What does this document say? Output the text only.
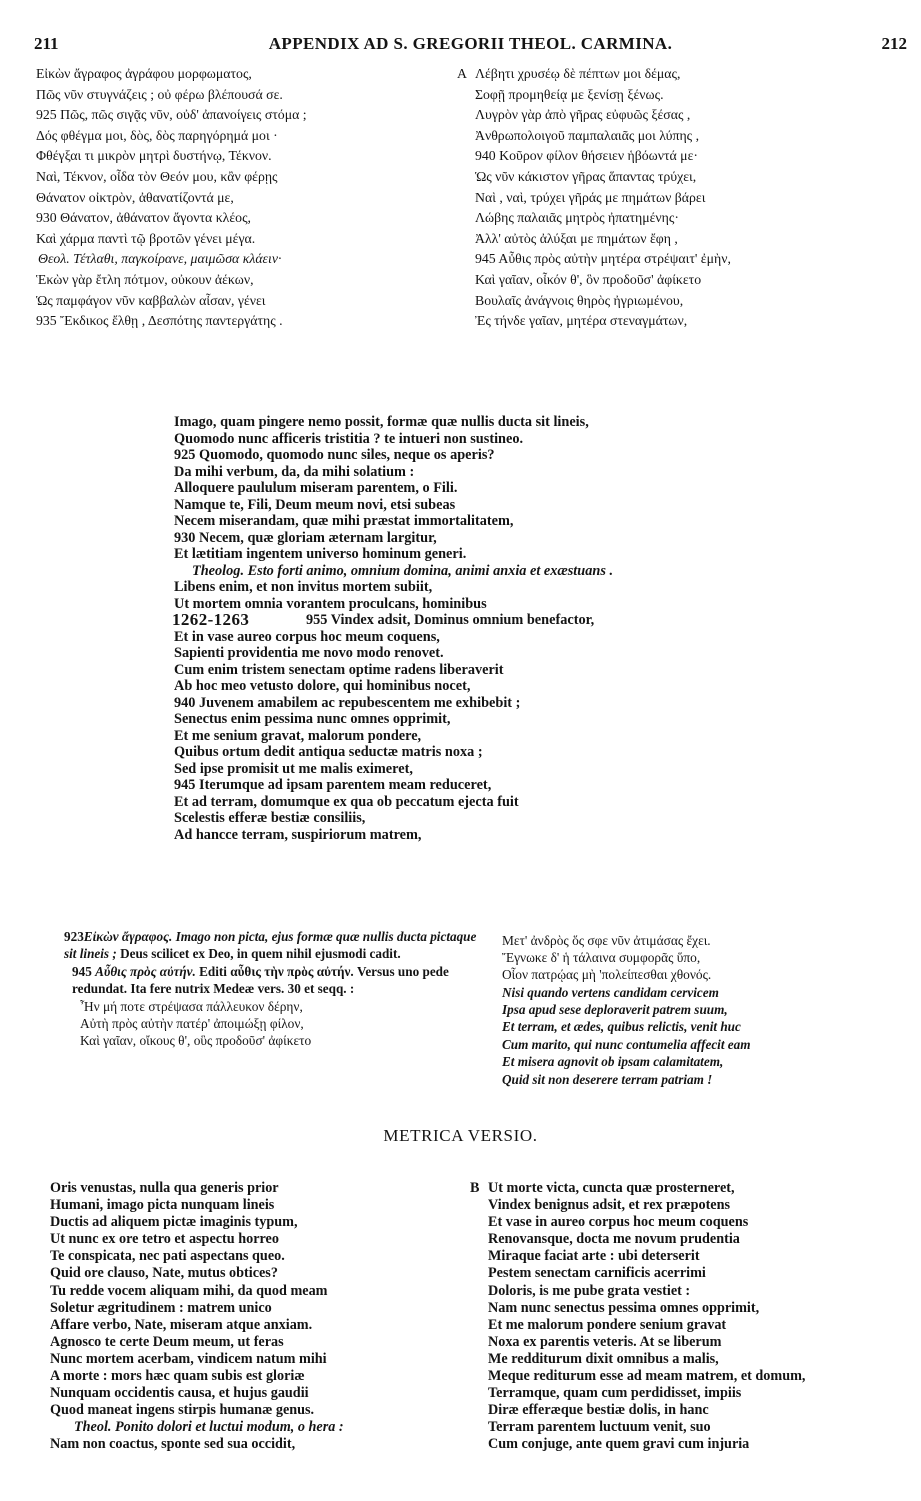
211	APPENDIX AD S. GREGORII THEOL. CARMINA.	212
Εἰκὼν ἄγραφος ἀγράφου μορφωματος,
Πῶς νῦν στυγνάζεις ; οὐ φέρω βλέπουσά σε.
925 Πῶς, πῶς σιγᾷς νῦν, οὐδ' ἀπανοίγεις στόμα ;
Δός φθέγμα μοι, δὸς, δὸς παρηγόρημά μοι ·
Φθέγξαι τι μικρὸν μητρὶ δυστήνῳ, Τέκνον.
Ναὶ, Τέκνον, οἶδα τὸν Θεόν μου, κἂν φέρῃς
Θάνατον οἰκτρὸν, ἀθανατίζοντά με,
930 Θάνατον, ἀθάνατον ἄγοντα κλέος,
Καὶ χάρμα παντὶ τῷ βροτῶν γένει μέγα.
Θεολ. Τέτλαθι, παγκοίρανε, μαιμῶσα κλάειν·
Ἑκὼν γὰρ ἔτλη πότμον, οὐκουν ἀέκων,
Ὡς παμφάγον νῦν καββαλὼν αἶσαν, γένει
935 Ἔκδικος ἔλθῃ , Δεσπότης παντεργάτης .
A Λέβητι χρυσέῳ δὲ πέπτων μοι δέμας,
Σοφῇ προμηθείᾳ με ξενίσῃ ξένως.
Λυγρὸν γὰρ ἀπὸ γῆρας εὐφυῶς ξέσας ,
Ἀνθρωπολοιγοῦ παμπαλαιᾶς μοι λύπης ,
940 Κοῦρον φίλον θήσειεν ἡβόωντά με·
Ὡς νῦν κάκιστον γῆρας ἅπαντας τρύχει,
Ναὶ , ναὶ, τρύχει γῆράς με πημάτων βάρει
Λώβης παλαιᾶς μητρὸς ἠπατημένης·
Ἀλλ' αὐτὸς ἀλύξαι με πημάτων ἔφη ,
945 Αὖθις πρὸς αὐτὴν μητέρα στρέψαιτ' ἐμὴν,
Καὶ γαῖαν, οἶκόν θ', ὃν προδοῦσ' ἀφίκετο
Βουλαῖς ἀνάγνοις θηρὸς ἠγριωμένου,
Ἐς τήνδε γαῖαν, μητέρα στεναγμάτων,
Imago, quam pingere nemo possit, formæ quæ nullis ducta sit lineis,
Quomodo nunc afficeris tristitia ? te intueri non sustineo.
925 Quomodo, quomodo nunc siles, neque os aperis?
Da mihi verbum, da, da mihi solatium :
Alloquere paululum miseram parentem, o Fili.
Namque te, Fili, Deum meum novi, etsi subeas
Necem miserandam, quæ mihi præstat immortalitatem,
930 Necem, quæ gloriam æternam largitur,
Et lætitiam ingentem universo hominum generi.
Theolog. Esto forti animo, omnium domina, animi anxia et exæstuans .
Libens enim, et non invitus mortem subiit,
Ut mortem omnia vorantem proculcans, hominibus
1262-1263	955 Vindex adsit, Dominus omnium benefactor,
Et in vase aureo corpus hoc meum coquens,
Sapienti providentia me novo modo renovet.
Cum enim tristem senectam optime radens liberaverit
Ab hoc meo vetusto dolore, qui hominibus nocet,
940 Juvenem amabilem ac repubescentem me exhibebit ;
Senectus enim pessima nunc omnes opprimit,
Et me senium gravat, malorum pondere,
Quibus ortum dedit antiqua seductæ matris noxa ;
Sed ipse promisit ut me malis eximeret,
945 Iterumque ad ipsam parentem meam reduceret,
Et ad terram, domumque ex qua ob peccatum ejecta fuit
Scelestis efferæ bestiæ consiliis,
Ad hancce terram, suspiriorum matrem,

923Εἰκὼν ἄγραφος. Imago non picta, ejus formæ quæ nullis ducta pictaque sit lineis ; Deus scilicet ex Deo, in quem nihil ejusmodi cadit.

945 Αὖθις πρὸς αὐτήν. Editi αὖθις τὴν πρὸς αὐτήν. Versus uno pede redundat. Ita fere nutrix Medeæ vers. 30 et seqq. :

Ἦν μή ποτε στρέψασα πάλλευκον δέρην,
Αὐτὴ πρὸς αὐτὴν πατέρ' ἀποιμώξῃ φίλον,
Καὶ γαῖαν, οἴκους θ', οὓς προδοῦσ' ἀφίκετο
Μετ' ἀνδρὸς ὅς σφε νῦν ἀτιμάσας ἔχει.
Ἔγνωκε δ' ἡ τάλαινα συμφορᾶς ὕπο,
Οἷον πατρῴας μὴ 'πολείπεσθαι χθονός.
Nisi quando vertens candidam cervicem
Ipsa apud sese deploraverit patrem suum,
Et terram, et ædes, quibus relictis, venit huc
Cum marito, qui nunc contumelia affecit eam
Et misera agnovit ob ipsam calamitatem,
Quid sit non deserere terram patriam !
METRICA VERSIO.
Oris venustas, nulla qua generis prior
Humani, imago picta nunquam lineis
Ductis ad aliquem pictæ imaginis typum,
Ut nunc ex ore tetro et aspectu horreo
Te conspicata, nec pati aspectans queo.
Quid ore clauso, Nate, mutus obtices?
Tu redde vocem aliquam mihi, da quod meam
Soletur ægritudinem : matrem unico
Affare verbo, Nate, miseram atque anxiam.
Agnosco te certe Deum meum, ut feras
Nunc mortem acerbam, vindicem natum mihi
A morte : mors hæc quam subis est gloriæ
Nunquam occidentis causa, et hujus gaudii
Quod maneat ingens stirpis humanæ genus.
Theol. Ponito dolori et luctui modum, o hera :
Nam non coactus, sponte sed sua occidit,
B Ut morte victa, cuncta quæ prosterneret,
Vindex benignus adsit, et rex præpotens
Et vase in aureo corpus hoc meum coquens
Renovansque, docta me novum prudentia
Miraque faciat arte : ubi deterserit
Pestem senectam carnificis acerrimi
Doloris, is me pube grata vestiet :
Nam nunc senectus pessima omnes opprimit,
Et me malorum pondere senium gravat
Noxa ex parentis veteris. At se liberum
Me redditurum dixit omnibus a malis,
Meque rediturum esse ad meam matrem, et domum,
Terramque, quam cum perdidisset, impiis
Diræ efferæque bestiæ dolis, in hanc
Terram parentem luctuum venit, suo
Cum conjuge, ante quem gravi cum injuria
